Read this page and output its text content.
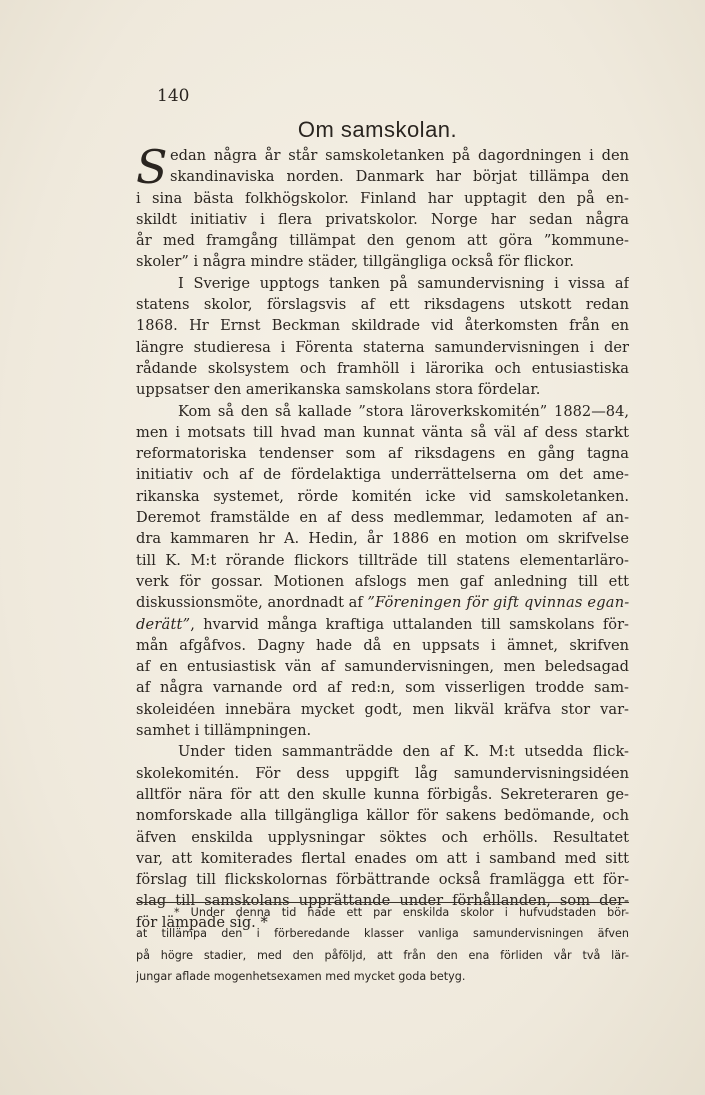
140
Om samskolan.
S edan några år står samskoletanken på dagordningen i den
skandinaviska norden. Danmark har börjat tillämpa den
i sina bästa folkhögskolor. Finland har upptagit den på en-
skildt initiativ i flera privatskolor. Norge har sedan några
år med framgång tillämpat den genom att göra ”kommune-
skoler” i några mindre städer, tillgängliga också för flickor.
I Sverige upptogs tanken på samundervisning i vissa af
statens skolor, förslagsvis af ett riksdagens utskott redan
1868. Hr Ernst Beckman skildrade vid återkomsten från en
längre studieresa i Förenta staterna samundervisningen i der
rådande skolsystem och framhöll i lärorika och entusiastiska
uppsatser den amerikanska samskolans stora fördelar.
Kom så den så kallade ”stora läroverkskomitén” 1882—84,
men i motsats till hvad man kunnat vänta så väl af dess starkt
reformatoriska tendenser som af riksdagens en gång tagna
initiativ och af de fördelaktiga underrättelserna om det ame-
rikanska systemet, rörde komitén icke vid samskoletanken.
Deremot framstälde en af dess medlemmar, ledamoten af an-
dra kammaren hr A. Hedin, år 1886 en motion om skrifvelse
till K. M:t rörande flickors tillträde till statens elementarläro-
verk för gossar. Motionen afslogs men gaf anledning till ett
diskussionsmöte, anordnadt af ”Föreningen för gift qvinnas egan-
derätt”, hvarvid många kraftiga uttalanden till samskolans för-
mån afgåfvos. Dagny hade då en uppsats i ämnet, skrifven
af en entusiastisk vän af samundervisningen, men beledsagad
af några varnande ord af red:n, som visserligen trodde sam-
skoleidéen innebära mycket godt, men likväl kräfva stor var-
samhet i tillämpningen.
Under tiden sammanträdde den af K. M:t utsedda flick-
skolekomitén. För dess uppgift låg samundervisningsidéen
alltför nära för att den skulle kunna förbigås. Sekreteraren ge-
nomforskade alla tillgängliga källor för sakens bedömande, och
äfven enskilda upplysningar söktes och erhölls. Resultatet
var, att komiterades flertal enades om att i samband med sitt
förslag till flickskolornas förbättrande också framlägga ett för-
slag till samskolans upprättande under förhållanden, som der-
för lämpade sig. *
* Under denna tid hade ett par enskilda skolor i hufvudstaden bör-
at tillämpa den i förberedande klasser vanliga samundervisningen äfven
på högre stadier, med den påföljd, att från den ena förliden vår två lär-
jungar aflade mogenhetsexamen med mycket goda betyg.
